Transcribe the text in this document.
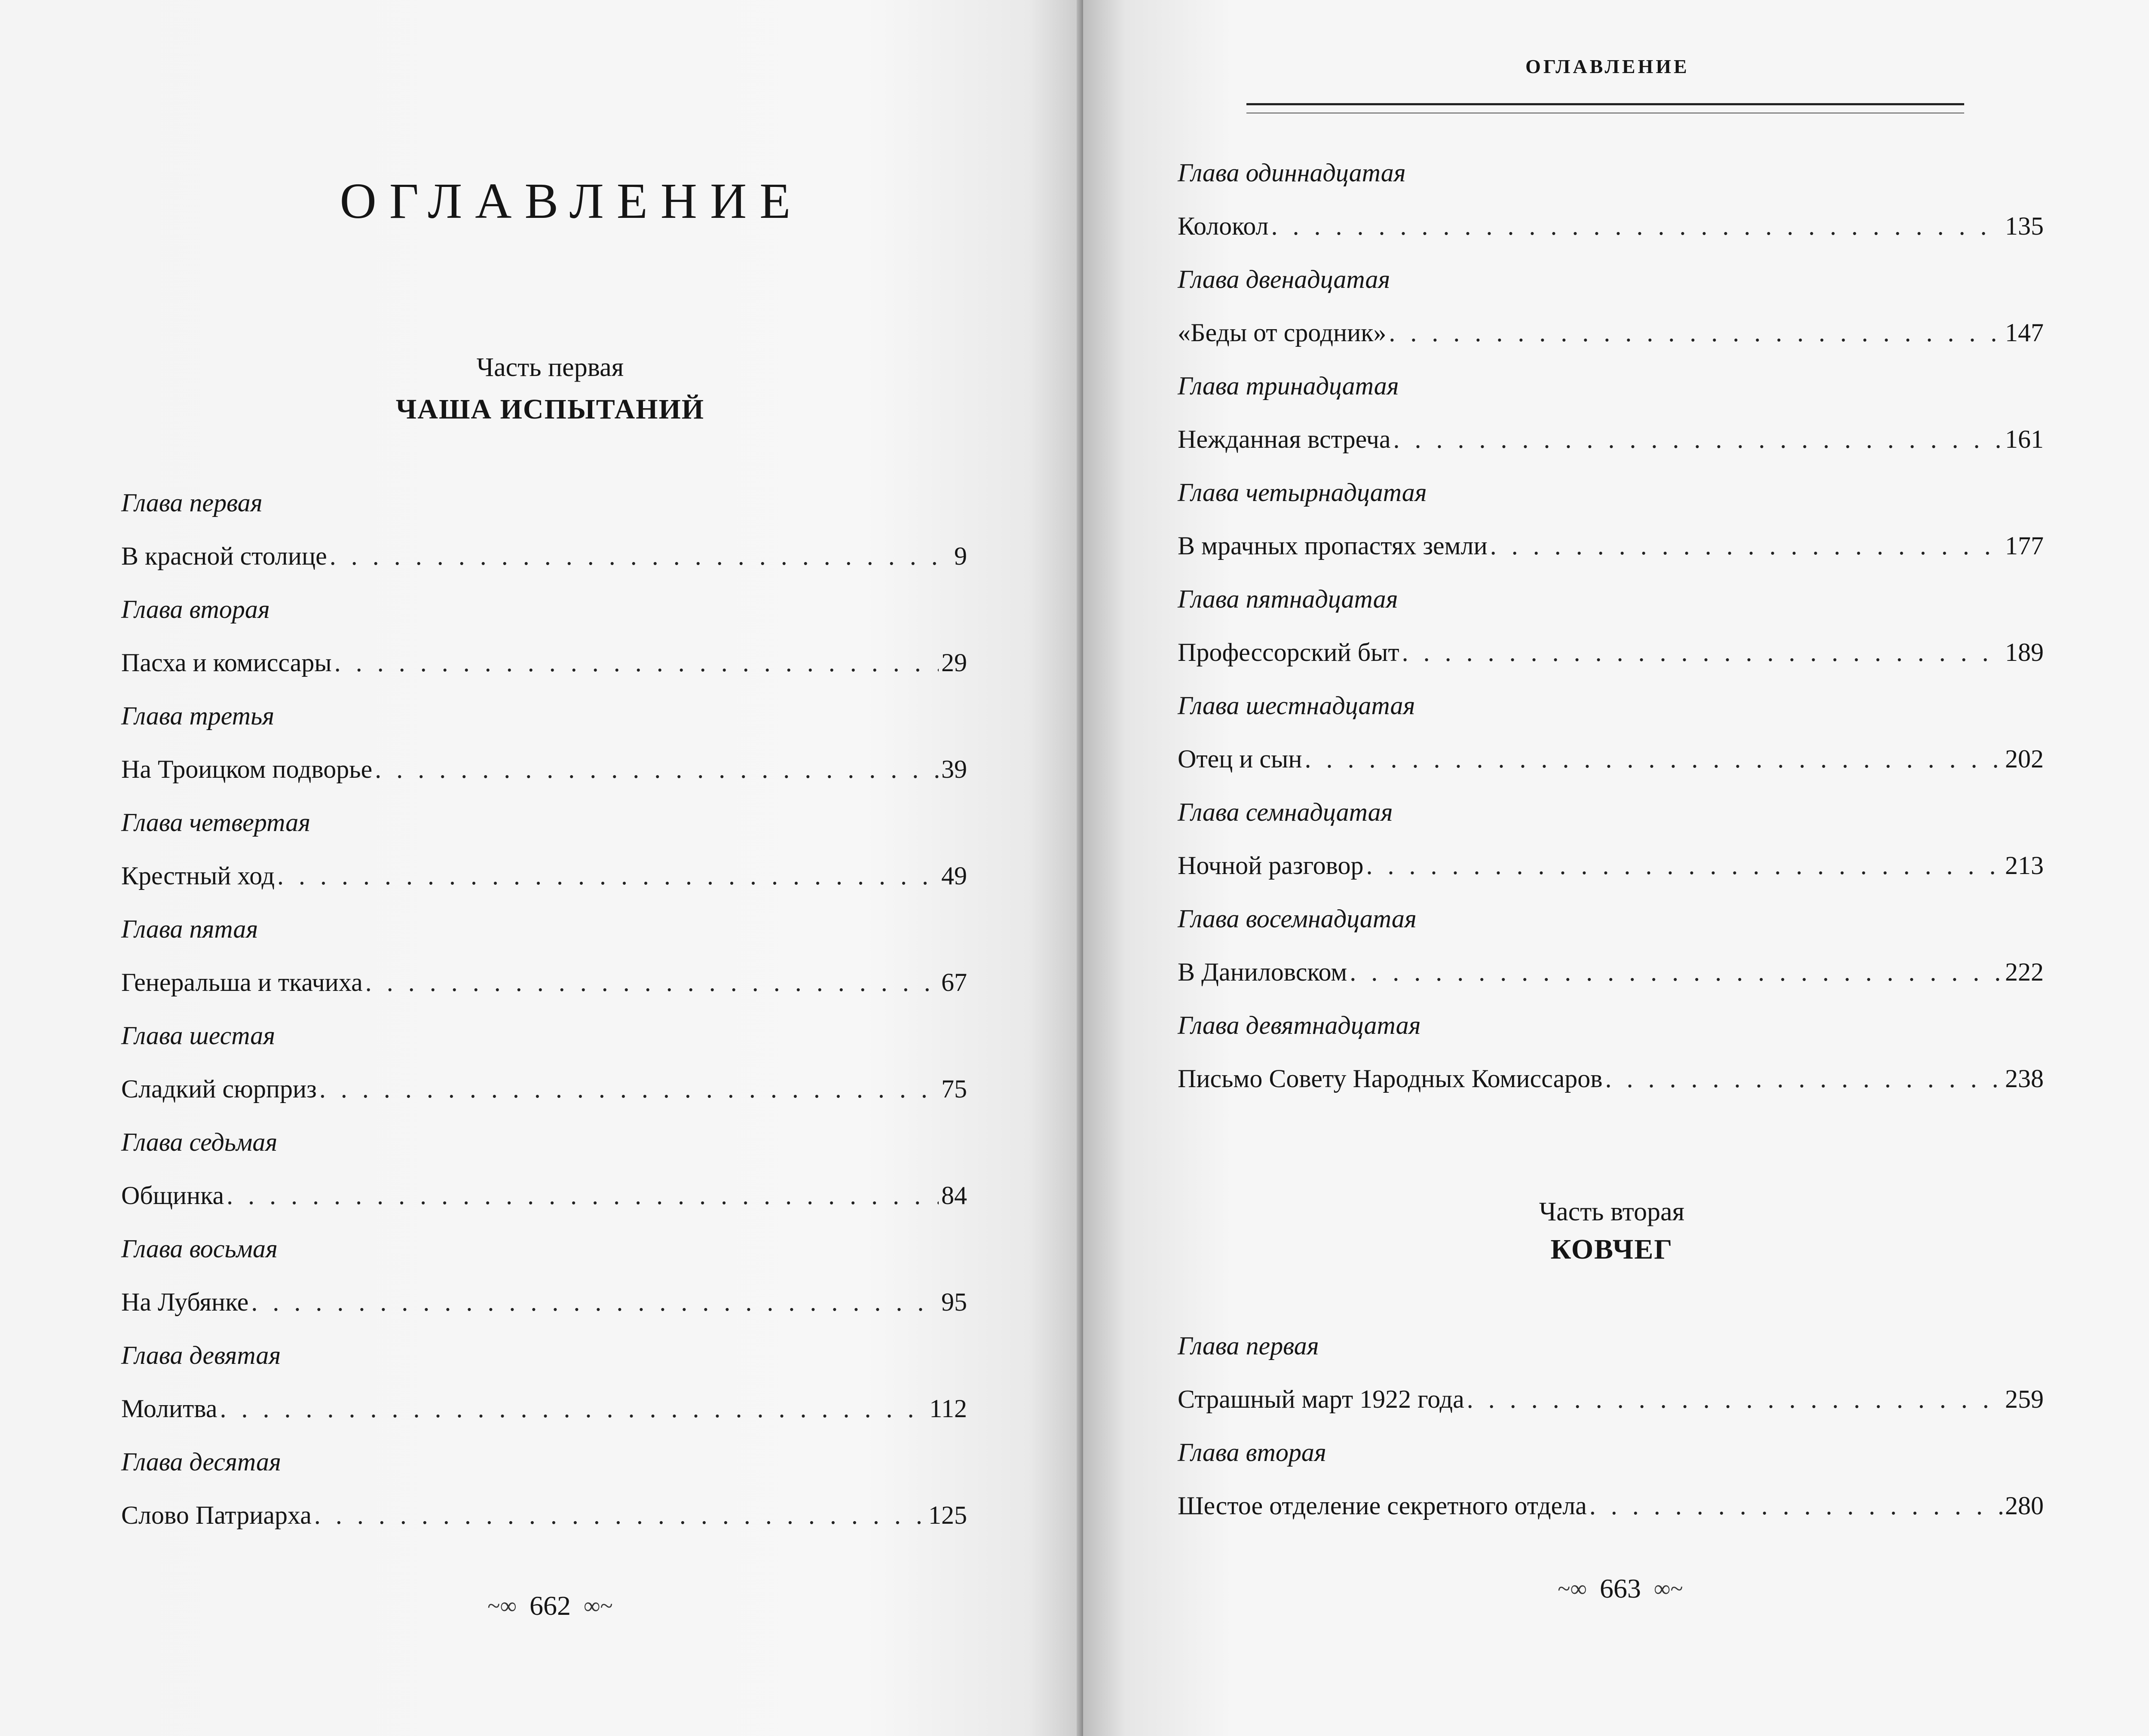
ОГЛАВЛЕНИЕ
Часть первая
ЧАША ИСПЫТАНИЙ
Глава первая
В красной столице . . .	9
Глава вторая
Пасха и комиссары . . .	29
Глава третья
На Троицком подворье . . .	39
Глава четвертая
Крестный ход . . .	49
Глава пятая
Генеральша и ткачиха . . .	67
Глава шестая
Сладкий сюрприз . . .	75
Глава седьмая
Общинка . . .	84
Глава восьмая
На Лубянке . . .	95
Глава девятая
Молитва . . .	112
Глава десятая
Слово Патриарха . . .	125
~∞ 662 ∞~
ОГЛАВЛЕНИЕ
Глава одиннадцатая
Колокол . . .	135
Глава двенадцатая
«Беды от сродник» . . .	147
Глава тринадцатая
Нежданная встреча . . .	161
Глава четырнадцатая
В мрачных пропастях земли . . .	177
Глава пятнадцатая
Профессорский быт . . .	189
Глава шестнадцатая
Отец и сын . . .	202
Глава семнадцатая
Ночной разговор . . .	213
Глава восемнадцатая
В Даниловском . . .	222
Глава девятнадцатая
Письмо Совету Народных Комиссаров . . .	238
Часть вторая
КОВЧЕГ
Глава первая
Страшный март 1922 года . . .	259
Глава вторая
Шестое отделение секретного отдела . . .	280
~∞ 663 ∞~
